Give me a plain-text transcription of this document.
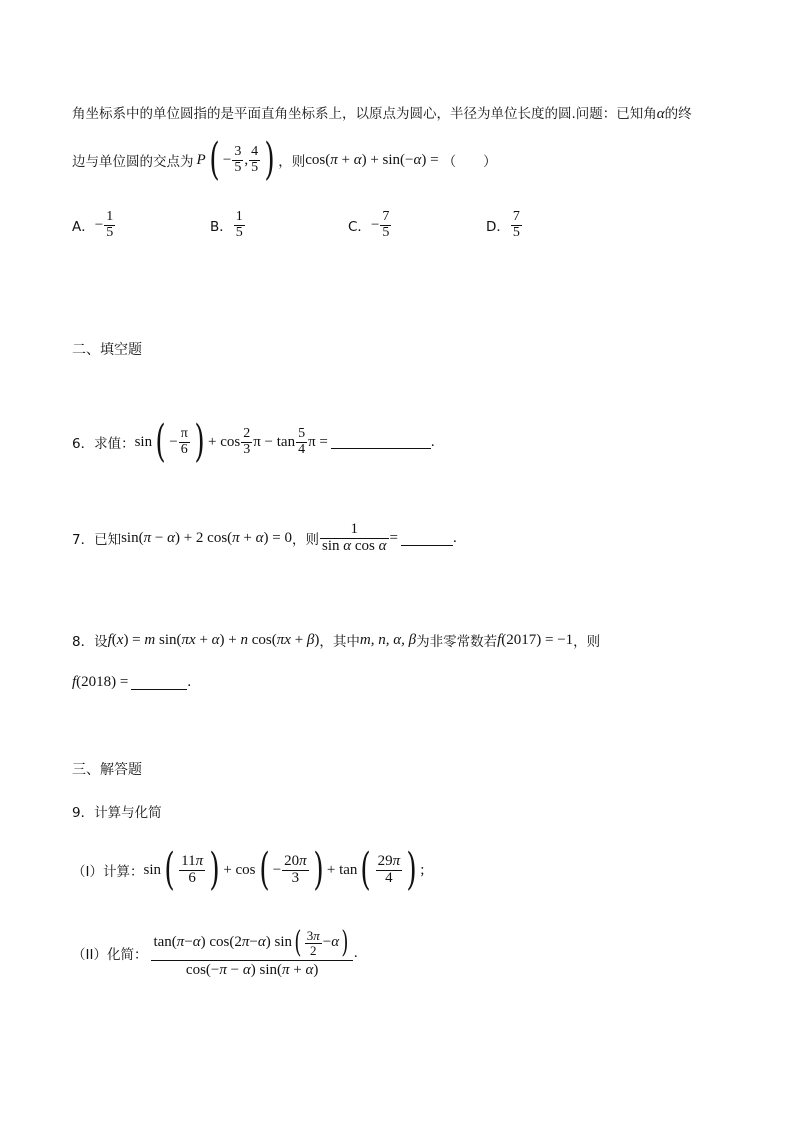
角坐标系中的单位圆指的是平面直角坐标系上，以原点为圆心，半径为单位长度的圆.问题：已知角α的终
边与单位圆的交点为 P ( − $\frac{3}{5}$ , $\frac{4}{5}$ ) ，则 cos(π + α) + sin(−α) = （　　）
A． − $\frac{1}{5}$	B． $\frac{1}{5}$	C． − $\frac{7}{5}$	D． $\frac{7}{5}$
二、填空题
6．求值： sin ( − $\frac{\pi}{6}$ ) + $\cos \frac{2}{3}$ $\pi - \tan \frac{5}{4}$ π =	.
7．已知 sin(π − α) + 2 cos(π + α) = 0 ，则 $\frac{1}{\text{sin α cos α}}$ =	.
8．设 f(x) = m sin(πx + α) + n cos(πx + β) ，其中 m, n, α, β 为非零常数若 f(2017) = −1 ，则
f(2018) =	.
三、解答题
9．计算与化简
（I）计算： sin ( $\frac{11\pi}{6}$ ) + cos ( − $\frac{20\pi}{3}$ ) + tan ( $\frac{29\pi}{4}$ ) ;
（II）化简：
tan( π − α ) cos(2 π − α ) sin ( $\frac{3\pi}{2} - \alpha$ )
cos(−π − α) sin(π + α)
.
